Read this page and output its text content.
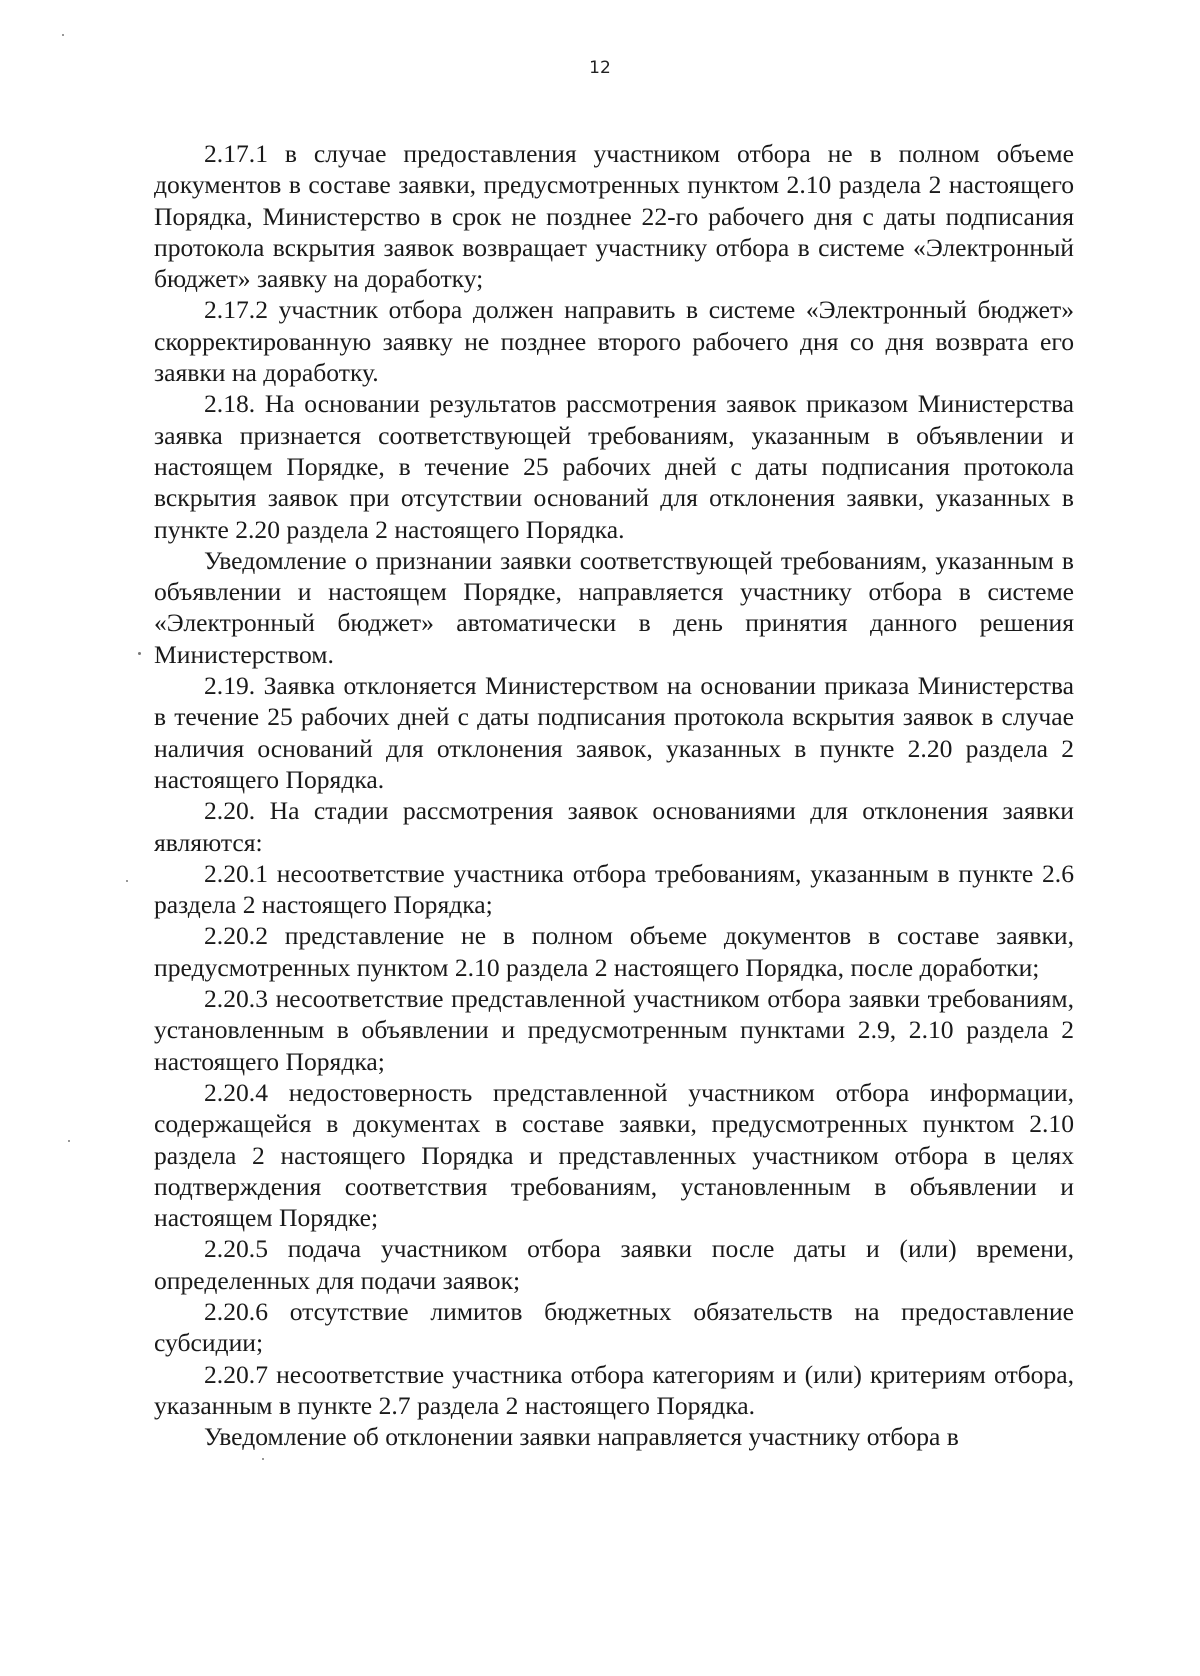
12

2.17.1 в случае предоставления участником отбора не в полном объеме документов в составе заявки, предусмотренных пунктом 2.10 раздела 2 настоящего Порядка, Министерство в срок не позднее 22-го рабочего дня с даты подписания протокола вскрытия заявок возвращает участнику отбора в системе «Электронный бюджет» заявку на доработку;

2.17.2 участник отбора должен направить в системе «Электронный бюджет» скорректированную заявку не позднее второго рабочего дня со дня возврата его заявки на доработку.

2.18. На основании результатов рассмотрения заявок приказом Министерства заявка признается соответствующей требованиям, указанным в объявлении и настоящем Порядке, в течение 25 рабочих дней с даты подписания протокола вскрытия заявок при отсутствии оснований для отклонения заявки, указанных в пункте 2.20 раздела 2 настоящего Порядка.

Уведомление о признании заявки соответствующей требованиям, указанным в объявлении и настоящем Порядке, направляется участнику отбора в системе «Электронный бюджет» автоматически в день принятия данного решения Министерством.

2.19. Заявка отклоняется Министерством на основании приказа Министерства в течение 25 рабочих дней с даты подписания протокола вскрытия заявок в случае наличия оснований для отклонения заявок, указанных в пункте 2.20 раздела 2 настоящего Порядка.

2.20. На стадии рассмотрения заявок основаниями для отклонения заявки являются:

2.20.1 несоответствие участника отбора требованиям, указанным в пункте 2.6 раздела 2 настоящего Порядка;

2.20.2 представление не в полном объеме документов в составе заявки, предусмотренных пунктом 2.10 раздела 2 настоящего Порядка, после доработки;

2.20.3 несоответствие представленной участником отбора заявки требованиям, установленным в объявлении и предусмотренным пунктами 2.9, 2.10 раздела 2 настоящего Порядка;

2.20.4 недостоверность представленной участником отбора информации, содержащейся в документах в составе заявки, предусмотренных пунктом 2.10 раздела 2 настоящего Порядка и представленных участником отбора в целях подтверждения соответствия требованиям, установленным в объявлении и настоящем Порядке;

2.20.5 подача участником отбора заявки после даты и (или) времени, определенных для подачи заявок;

2.20.6 отсутствие лимитов бюджетных обязательств на предоставление субсидии;

2.20.7 несоответствие участника отбора категориям и (или) критериям отбора, указанным в пункте 2.7 раздела 2 настоящего Порядка.

Уведомление об отклонении заявки направляется участнику отбора в
